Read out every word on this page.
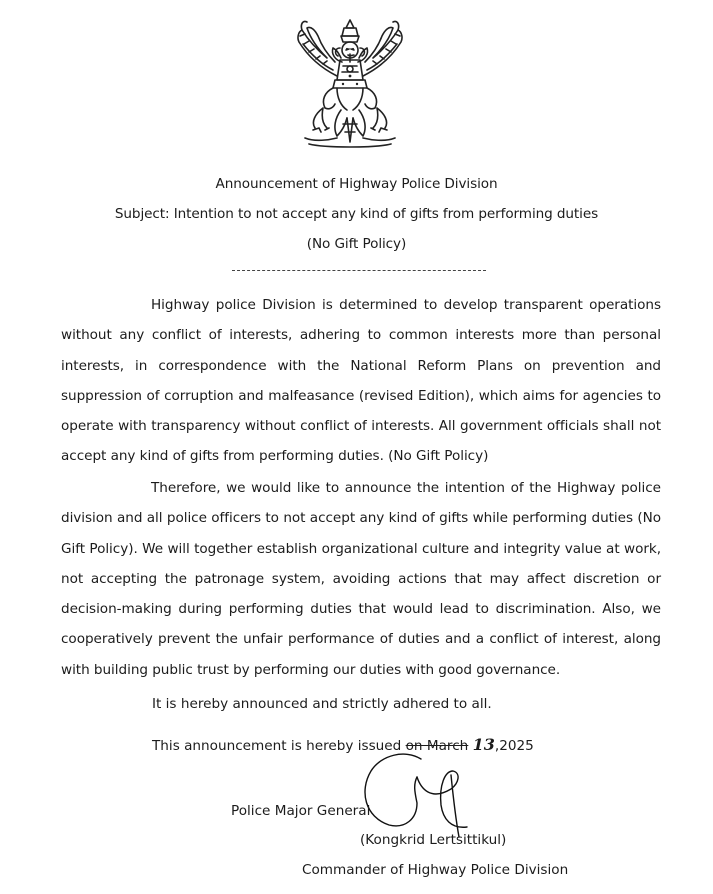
Announcement of Highway Police Division
Subject: Intention to not accept any kind of gifts from performing duties
(No Gift Policy)
Highway police Division is determined to develop transparent operations without any conflict of interests, adhering to common interests more than personal interests, in correspondence with the National Reform Plans on prevention and suppression of corruption and malfeasance (revised Edition), which aims for agencies to operate with transparency without conflict of interests. All government officials shall not accept any kind of gifts from performing duties. (No Gift Policy)
Therefore, we would like to announce the intention of the Highway police division and all police officers to not accept any kind of gifts while performing duties (No Gift Policy). We will together establish organizational culture and integrity value at work, not accepting the patronage system, avoiding actions that may affect discretion or decision-making during performing duties that would lead to discrimination. Also, we cooperatively prevent the unfair performance of duties and a conflict of interest, along with building public trust by performing our duties with good governance.
It is hereby announced and strictly adhered to all.
This announcement is hereby issued on March 13,2025
Police Major General
(Kongkrid Lertsittikul)
Commander of Highway Police Division
